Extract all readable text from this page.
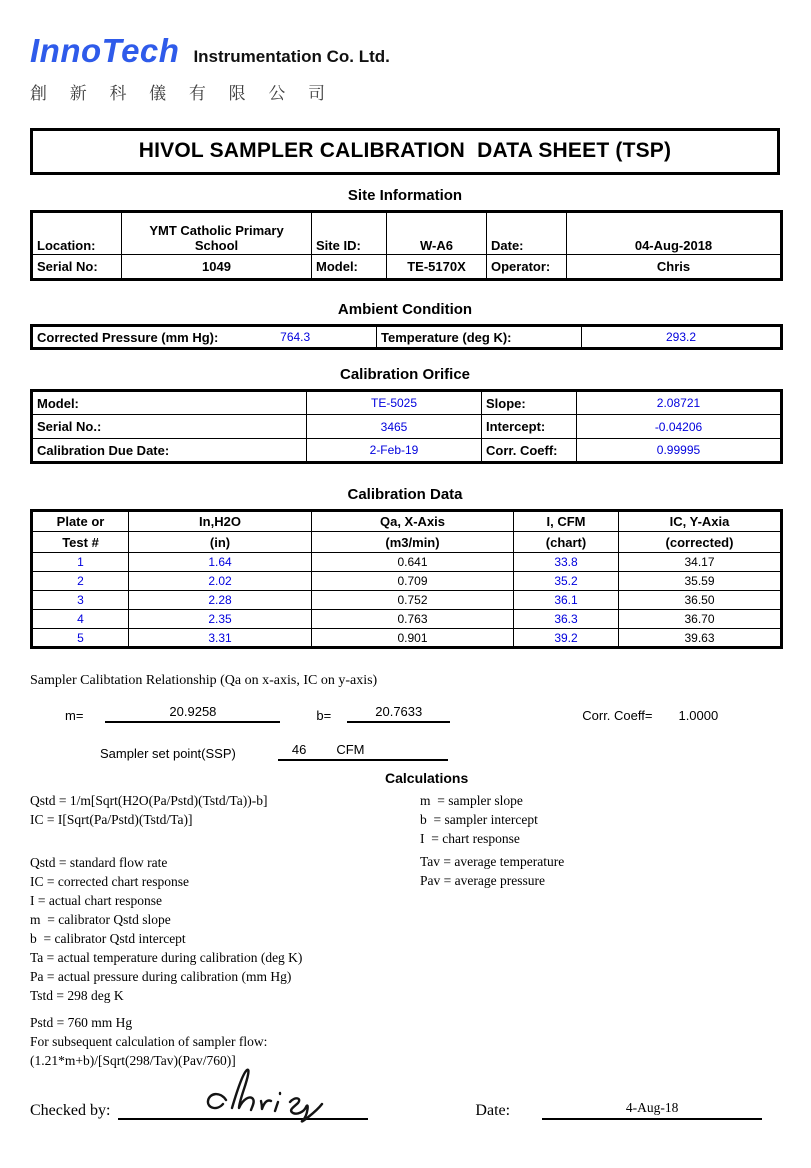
InnoTech Instrumentation Co. Ltd.
創 新 科 儀 有 限 公 司
HIVOL SAMPLER CALIBRATION  DATA SHEET (TSP)
Site Information
Location:	YMT Catholic Primary School	Site ID:	W-A6	Date:	04-Aug-2018
Serial No:	1049	Model:	TE-5170X	Operator:	Chris
Ambient Condition
Corrected Pressure (mm Hg):	764.3	Temperature (deg K):	293.2
Calibration Orifice
Model:	TE-5025	Slope:	2.08721
Serial No.:	3465	Intercept:	-0.04206
Calibration Due Date:	2-Feb-19	Corr. Coeff:	0.99995
Calibration Data
Plate or	In,H2O	Qa, X-Axis	I, CFM	IC, Y-Axia
Test #	(in)	(m3/min)	(chart)	(corrected)
1	1.64	0.641	33.8	34.17
2	2.02	0.709	35.2	35.59
3	2.28	0.752	36.1	36.50
4	2.35	0.763	36.3	36.70
5	3.31	0.901	39.2	39.63
Sampler Calibtation Relationship (Qa on x-axis, IC on y-axis)
m=	20.9258	b=	20.7633	Corr. Coeff= 1.0000
Sampler set point(SSP)	46 CFM
Calculations
Qstd = 1/m[Sqrt(H2O(Pa/Pstd)(Tstd/Ta))-b]
IC = I[Sqrt(Pa/Pstd)(Tstd/Ta)]
Qstd = standard flow rate
IC = corrected chart response
I = actual chart response
m  = calibrator Qstd slope
b  = calibrator Qstd intercept
Ta = actual temperature during calibration (deg K)
Pa = actual pressure during calibration (mm Hg)
Tstd = 298 deg K
Pstd = 760 mm Hg
For subsequent calculation of sampler flow:
(1.21*m+b)/[Sqrt(298/Tav)(Pav/760)]
m  = sampler slope
b  = sampler intercept
I  = chart response
Tav = average temperature
Pav = average pressure
Checked by:	Date:	4-Aug-18
